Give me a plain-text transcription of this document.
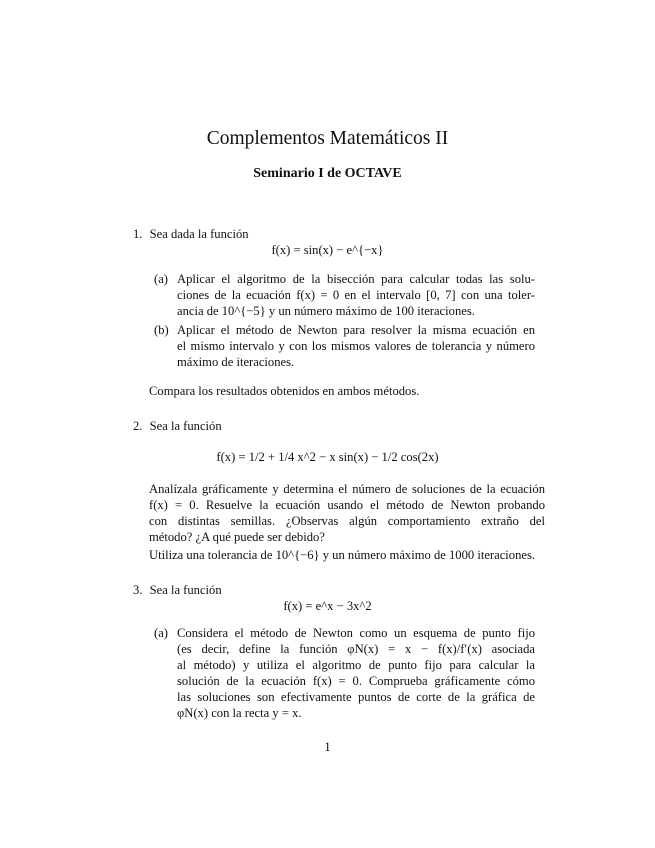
Complementos Matemáticos II
Seminario I de OCTAVE
1. Sea dada la función
f(x) = sin(x) − e^{−x}
(a) Aplicar el algoritmo de la bisección para calcular todas las solu-
ciones de la ecuación f(x) = 0 en el intervalo [0, 7] con una toler-
ancia de 10^{−5} y un número máximo de 100 iteraciones.
(b) Aplicar el método de Newton para resolver la misma ecuación en
el mismo intervalo y con los mismos valores de tolerancia y número
máximo de iteraciones.
Compara los resultados obtenidos en ambos métodos.
2. Sea la función
f(x) = 1/2 + 1/4 x^2 − x sin(x) − 1/2 cos(2x)
Analízala gráficamente y determina el número de soluciones de la ecuación
f(x) = 0. Resuelve la ecuación usando el método de Newton probando
con distintas semillas. ¿Observas algún comportamiento extraño del
método? ¿A qué puede ser debido?
Utiliza una tolerancia de 10^{−6} y un número máximo de 1000 iteraciones.
3. Sea la función
f(x) = e^x − 3x^2
(a) Considera el método de Newton como un esquema de punto fijo
(es decir, define la función φN(x) = x − f(x)/f′(x) asociada
al método) y utiliza el algoritmo de punto fijo para calcular la
solución de la ecuación f(x) = 0. Comprueba gráficamente cómo
las soluciones son efectivamente puntos de corte de la gráfica de
φN(x) con la recta y = x.
1
